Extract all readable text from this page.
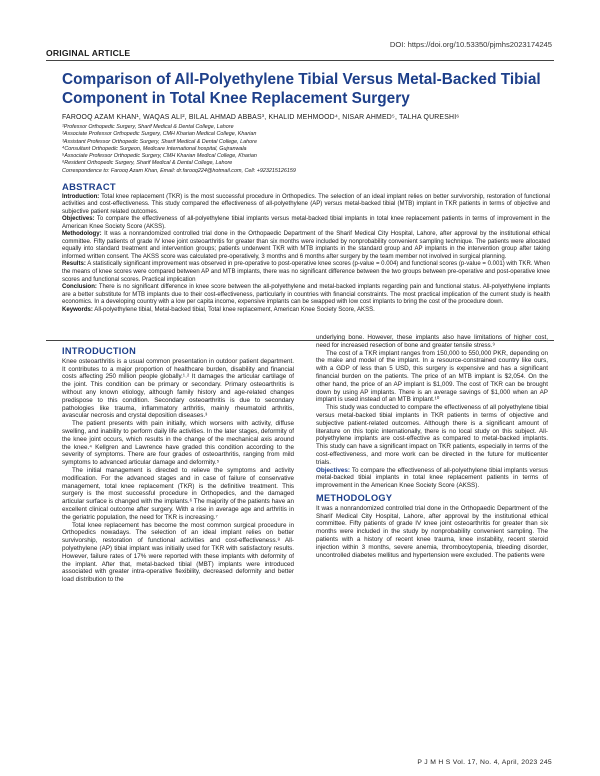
DOI: https://doi.org/10.53350/pjmhs2023174245
ORIGINAL ARTICLE
Comparison of All-Polyethylene Tibial Versus Metal-Backed Tibial Component in Total Knee Replacement Surgery
FAROOQ AZAM KHAN¹, WAQAS ALI², BILAL AHMAD ABBAS³, KHALID MEHMOOD⁴, NISAR AHMED⁵, TALHA QURESHI⁶
¹Professor Orthopedic Surgery, Sharif Medical & Dental College, Lahore
²Associate Professor Orthopedic Surgery, CMH Kharian Medical College, Kharian
³Assistant Professor Orthopedic Surgery, Sharif Medical & Dental College, Lahore
⁴Consultant Orthopedic Surgeon, Medicare International hospital, Gujranwala
⁵Associate Professor Orthopedic Surgery, CMH Kharian Medical College, Kharian
⁶Resident Orthopedic Surgery, Sharif Medical & Dental College, Lahore
Correspondence to: Farooq Azam Khan, Email: dr.farooq224@hotmail.com, Cell: +923215126159
ABSTRACT

Introduction: Total knee replacement (TKR) is the most successful procedure in Orthopedics. The selection of an ideal implant relies on better survivorship, restoration of functional activities and cost-effectiveness. This study compared the effectiveness of all-polyethylene (AP) versus metal-backed tibial (MTB) implant in TKR patients in terms of objective and subjective patient related outcomes.

Objectives: To compare the effectiveness of all-polyethylene tibial implants versus metal-backed tibial implants in total knee replacement patients in terms of improvement in the American Knee Society Score (AKSS).

Methodology: It was a nonrandomized controlled trial done in the Orthopaedic Department of the Sharif Medical City Hospital, Lahore, after approval by the institutional ethical committee. Fifty patients of grade IV knee joint osteoarthritis for greater than six months were included by nonprobability convenient sampling technique. The patients were allocated equally into standard treatment and intervention groups; patients underwent TKR with MTB implants in the standard group and AP implants in the intervention group after taking informed written consent. The AKSS score was calculated pre-operatively, 3 months and 6 months after surgery by the team member not involved in surgical planning.

Results: A statistically significant improvement was observed in pre-operative to post-operative knee scores (p-value = 0.004) and functional scores (p-value = 0.001) with TKR. When the means of knee scores were compared between AP and MTB implants, there was no significant difference between the two groups between pre-operative and post-operative knee scores and functional scores. Practical implication

Conclusion: There is no significant difference in knee score between the all-polyethylene and metal-backed implants regarding pain and functional status. All-polyethylene implants are a better substitute for MTB implants due to their cost-effectiveness, particularly in countries with financial constraints. The most practical implication of the current study is health economics. In a developing country with a low per capita income, expensive implants can be swapped with low cost implants to bring the cost of the procedure down.

Keywords: All-polyethylene tibial, Metal-backed tibial, Total knee replacement, American Knee Society Score, AKSS.

INTRODUCTION

Knee osteoarthritis is a usual common presentation in outdoor patient department. It contributes to a major proportion of healthcare burden, disability and financial costs affecting 250 million people globally.¹˒² It damages the articular cartilage of the joint. This condition can be primary or secondary. Primary osteoarthritis is without any known etiology, although family history and age-related changes predispose to this condition. Secondary osteoarthritis is due to secondary pathologies like trauma, inflammatory arthritis, mainly rheumatoid arthritis, avascular necrosis and crystal deposition diseases.³

The patient presents with pain initially, which worsens with activity, diffuse swelling, and inability to perform daily life activities. In the later stages, deformity of the knee joint occurs, which results in the change of the mechanical axis around the knee.⁴ Kellgren and Lawrence have graded this condition according to the severity of symptoms. There are four grades of osteoarthritis, ranging from mild symptoms to advanced articular damage and deformity.⁵

The initial management is directed to relieve the symptoms and activity modification. For the advanced stages and in case of failure of conservative management, total knee replacement (TKR) is the definitive treatment. This surgery is the most successful procedure in Orthopedics, and the damaged articular surface is changed with the implants.⁶ The majority of the patients have an excellent clinical outcome after surgery. With a rise in average age and arthritis in the geriatric population, the need for TKR is increasing.⁷

Total knee replacement has become the most common surgical procedure in Orthopedics nowadays. The selection of an ideal implant relies on better survivorship, restoration of functional activities and cost-effectiveness.⁸ All-polyethylene (AP) tibial implant was initially used for TKR with satisfactory results. However, failure rates of 17% were reported with these implants with deformity of the implant. After that, metal-backed tibial (MBT) implants were introduced associated with greater intra-operative flexibility, decreased deformity and better load distribution to the

underlying bone. However, these implants also have limitations of higher cost, need for increased resection of bone and greater tensile stress.⁹

The cost of a TKR implant ranges from 150,000 to 550,000 PKR, depending on the make and model of the implant. In a resource-constrained country like ours, with a GDP of less than 5 USD, this surgery is expensive and has a significant financial burden on the patients. The price of an MTB implant is $2,054. On the other hand, the price of an AP implant is $1,009. The cost of TKR can be brought down by using AP implants. There is an average savings of $1,000 when an AP implant is used instead of an MTB implant.¹⁰

This study was conducted to compare the effectiveness of all polyethylene tibial versus metal-backed tibial implants in TKR patients in terms of objective and subjective patient-related outcomes. Although there is a significant amount of literature on this topic internationally, there is no local study on this subject. All-polyethylene implants are cost-effective as compared to metal-backed implants. This study can have a significant impact on TKR patients, especially in terms of the cost-effectiveness, and more work can be directed in the future for multicenter trials.

Objectives: To compare the effectiveness of all-polyethylene tibial implants versus metal-backed tibial implants in total knee replacement patients in terms of improvement in the American Knee Society Score (AKSS).

METHODOLOGY

It was a nonrandomized controlled trial done in the Orthopaedic Department of the Sharif Medical City Hospital, Lahore, after approval by the institutional ethical committee. Fifty patients of grade IV knee joint osteoarthritis for greater than six months were included in the study by nonprobability convenient sampling. The patients with a history of recent knee trauma, knee instability, recent steroid injection within 3 months, severe anemia, thrombocytopenia, bleeding disorder, uncontrolled diabetes mellitus and hypertension were excluded. The patients were

P J M H S Vol. 17, No. 4, April, 2023 245
